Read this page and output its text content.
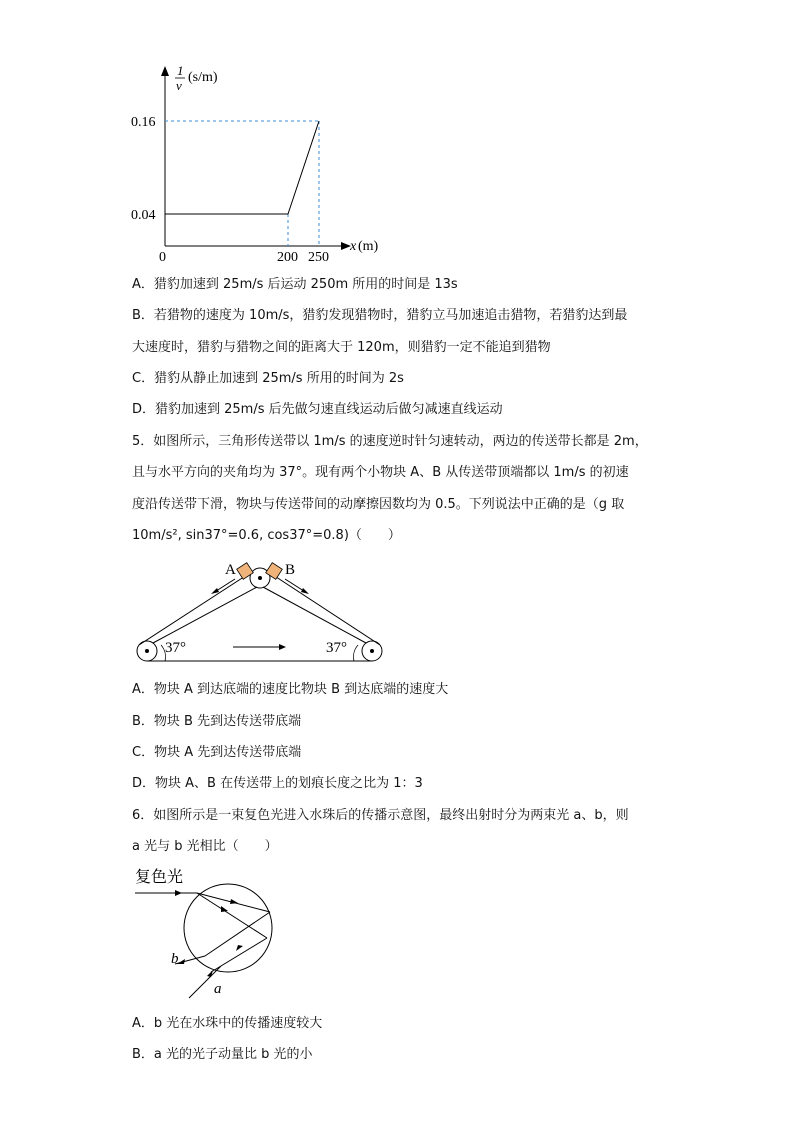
1
v
(s/m)
0.16
0.04
0	200 250
x (m)
A．猎豹加速到 25m/s 后运动 250m 所用的时间是 13s
B．若猎物的速度为 10m/s，猎豹发现猎物时，猎豹立马加速追击猎物，若猎豹达到最
大速度时，猎豹与猎物之间的距离大于 120m，则猎豹一定不能追到猎物
C．猎豹从静止加速到 25m/s 所用的时间为 2s
D．猎豹加速到 25m/s 后先做匀速直线运动后做匀减速直线运动
5．如图所示，三角形传送带以 1m/s 的速度逆时针匀速转动，两边的传送带长都是 2m，
且与水平方向的夹角均为 37°。现有两个小物块 A、B 从传送带顶端都以 1m/s 的初速
度沿传送带下滑，物块与传送带间的动摩擦因数均为 0.5。下列说法中正确的是（g 取
10m/s², sin37°=0.6, cos37°=0.8)（　　）
37°	37°
A	B
A．物块 A 到达底端的速度比物块 B 到达底端的速度大
B．物块 B 先到达传送带底端
C．物块 A 先到达传送带底端
D．物块 A、B 在传送带上的划痕长度之比为 1：3
6．如图所示是一束复色光进入水珠后的传播示意图，最终出射时分为两束光 a、b，则
a 光与 b 光相比（　　）
复色光
b
a
A．b 光在水珠中的传播速度较大
B．a 光的光子动量比 b 光的小
